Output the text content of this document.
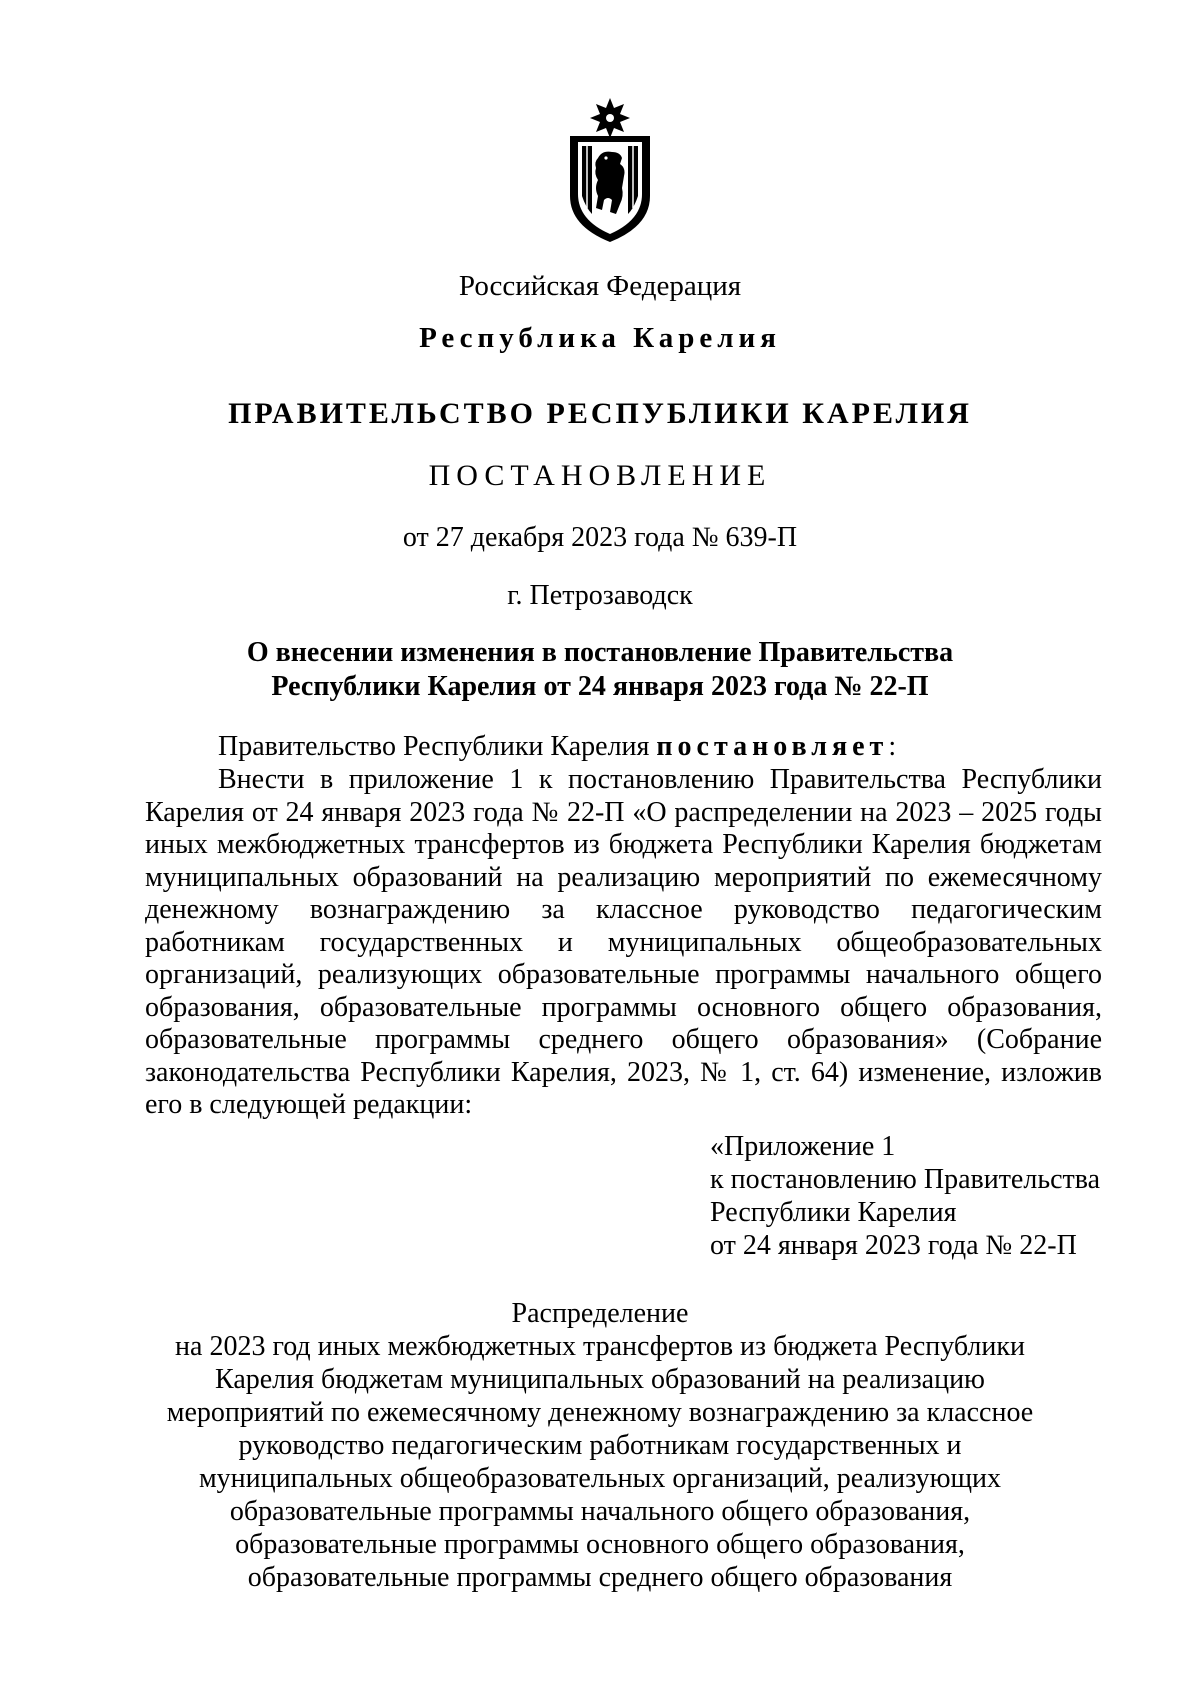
Российская Федерация
Республика Карелия
ПРАВИТЕЛЬСТВО РЕСПУБЛИКИ КАРЕЛИЯ
ПОСТАНОВЛЕНИЕ
от 27 декабря 2023 года № 639-П
г. Петрозаводск
О внесении изменения в постановление Правительства
Республики Карелия от 24 января 2023 года № 22-П
Правительство Республики Карелия постановляет:
Внести в приложение 1 к постановлению Правительства Республики Карелия от 24 января 2023 года № 22-П «О распределении на 2023 – 2025 годы иных межбюджетных трансфертов из бюджета Республики Карелия бюджетам муниципальных образований на реализацию мероприятий по ежемесячному денежному вознаграждению за классное руководство педагогическим работникам государственных и муниципальных общеобразовательных организаций, реализующих образовательные программы начального общего образования, образовательные программы основного общего образования, образовательные программы среднего общего образования» (Собрание законодательства Республики Карелия, 2023, № 1, ст. 64) изменение, изложив его в следующей редакции:
«Приложение 1
к постановлению Правительства
Республики Карелия
от 24 января 2023 года № 22-П
Распределение
на 2023 год иных межбюджетных трансфертов из бюджета Республики
Карелия бюджетам муниципальных образований на реализацию
мероприятий по ежемесячному денежному вознаграждению за классное
руководство педагогическим работникам государственных и
муниципальных общеобразовательных организаций, реализующих
образовательные программы начального общего образования,
образовательные программы основного общего образования,
образовательные программы среднего общего образования
